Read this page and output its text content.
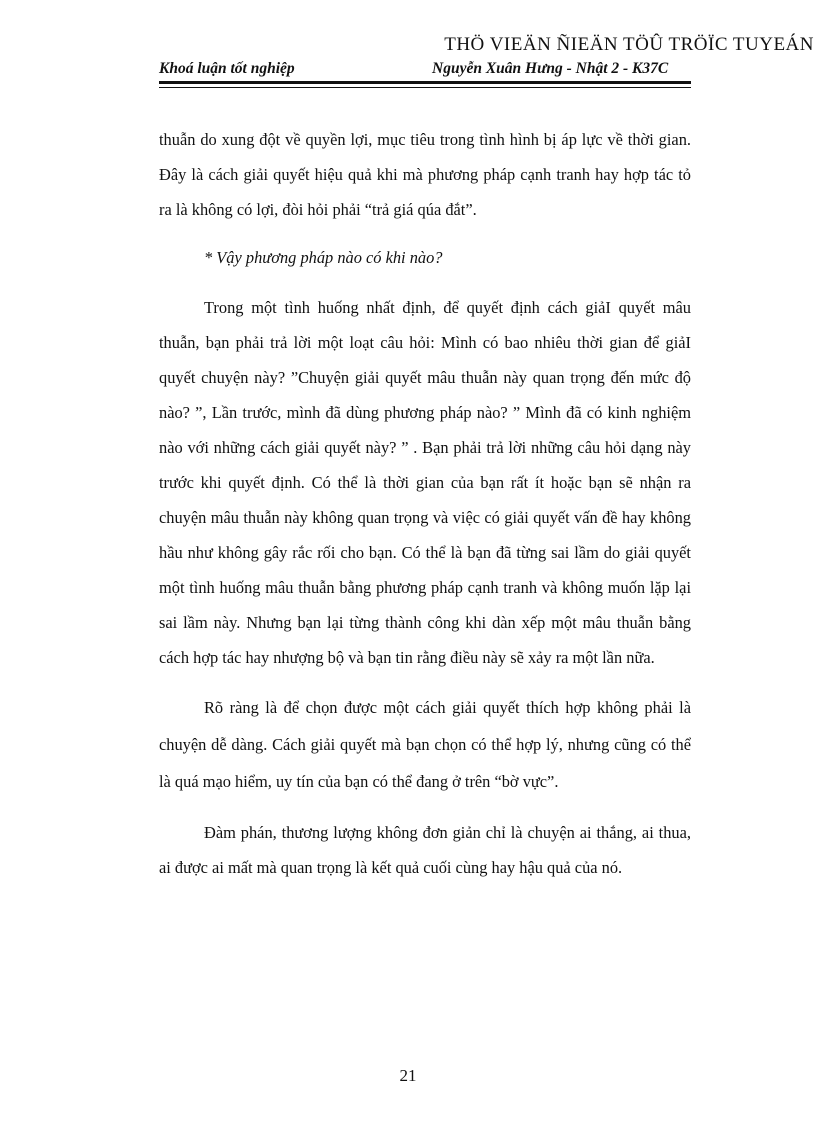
THÖ VIEÄN ÑIEÄN TÖÛ TRÖÏC TUYEÁN
Khoá luận tốt nghiệp	Nguyễn Xuân Hưng - Nhật 2 - K37C

thuẫn do xung đột về quyền lợi, mục tiêu trong tình hình bị áp lực về thời gian. Đây là cách giải quyết hiệu quả khi mà phương pháp cạnh tranh hay hợp tác tỏ ra là không có lợi, đòi hỏi phải “trả giá qúa đắt”.

* Vậy phương pháp nào có khi nào?

Trong một tình huống nhất định, để quyết định cách giảI quyết mâu thuẫn, bạn phải trả lời một loạt câu hỏi: Mình có bao nhiêu thời gian để giảI quyết chuyện này? ”Chuyện giải quyết mâu thuẫn này quan trọng đến mức độ nào? ”, Lần trước, mình đã dùng phương pháp nào? ” Mình đã có kinh nghiệm nào với những cách giải quyết này? ” . Bạn phải trả lời những câu hỏi dạng này trước khi quyết định. Có thể là thời gian của bạn rất ít hoặc bạn sẽ nhận ra chuyện mâu thuẫn này không quan trọng và việc có giải quyết vấn đề hay không hầu như không gây rắc rối cho bạn. Có thể là bạn đã từng sai lầm do giải quyết một tình huống mâu thuẫn bằng phương pháp cạnh tranh và không muốn lặp lại sai lầm này. Nhưng bạn lại từng thành công khi dàn xếp một mâu thuẫn bằng cách hợp tác hay nhượng bộ và bạn tin rằng điều này sẽ xảy ra một lần nữa.

Rõ ràng là để chọn được một cách giải quyết thích hợp không phải là chuyện dễ dàng. Cách giải quyết mà bạn chọn có thể hợp lý, nhưng cũng có thể là quá mạo hiểm, uy tín của bạn có thể đang ở trên “bờ vực”.

Đàm phán, thương lượng không đơn giản chỉ là chuyện ai thắng, ai thua, ai được ai mất mà quan trọng là kết quả cuối cùng hay hậu quả của nó.

21
